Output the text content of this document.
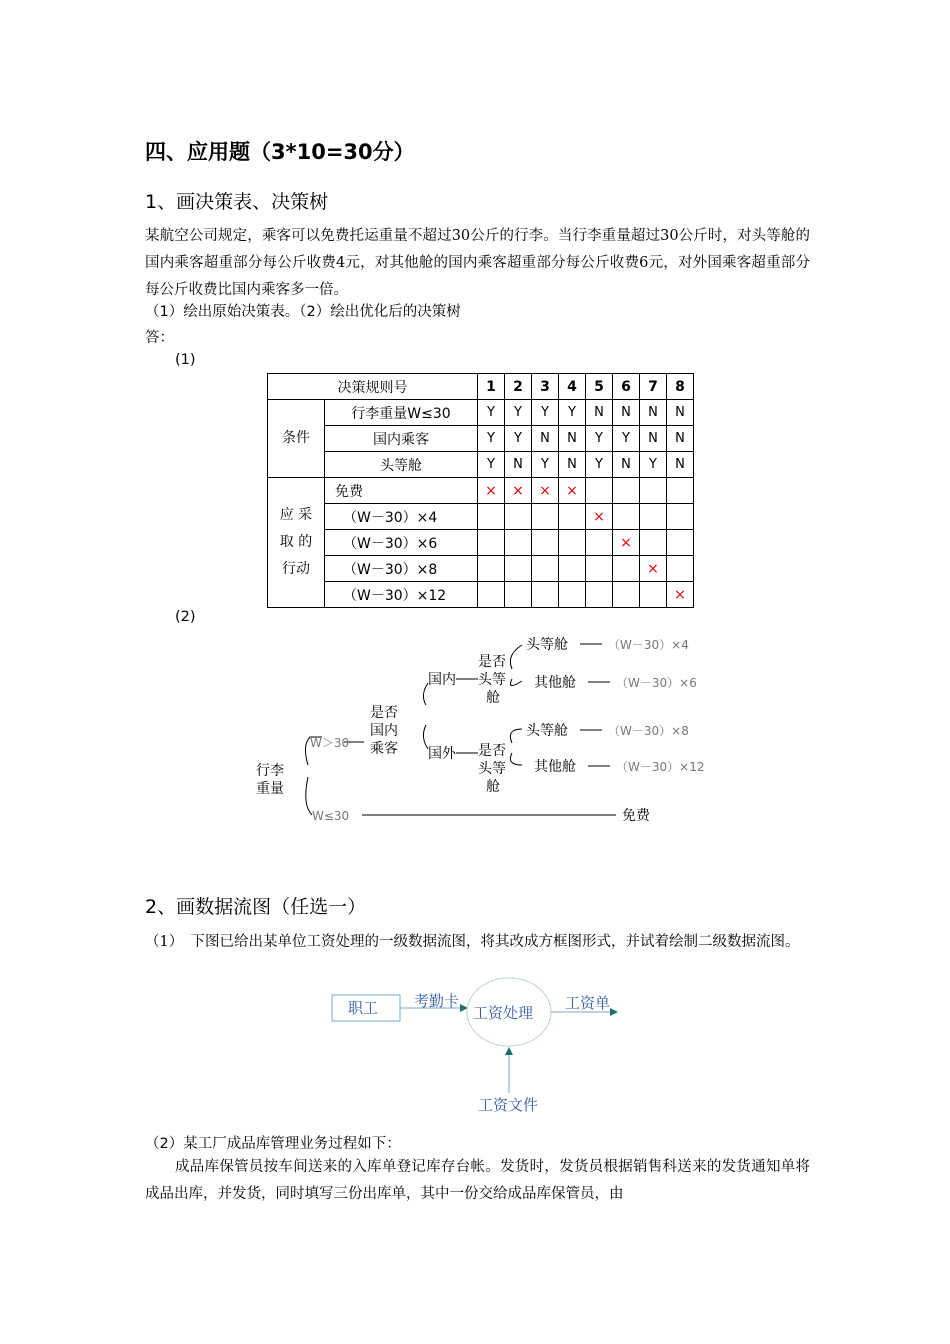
四、应用题（3*10=30分）
1、画决策表、决策树
某航空公司规定，乘客可以免费托运重量不超过30公斤的行李。当行李重量超过30公斤时，对头等舱的国内乘客超重部分每公斤收费4元，对其他舱的国内乘客超重部分每公斤收费6元，对外国乘客超重部分每公斤收费比国内乘客多一倍。
（1）绘出原始决策表。（2）绘出优化后的决策树
答：
(1)
决策规则号		1	2	3	4	5	6	7	8
条件	行李重量W≤30	Y	Y	Y	Y	N	N	N	N
	国内乘客	Y	Y	N	N	Y	Y	N	N
	头等舱	Y	N	Y	N	Y	N	Y	N

应 采
取 的
行动	免费	×	×	×	×				
	（W－30）×4					×			
	（W－30）×6						×		
	（W－30）×8							×	
	（W－30）×12								×
(2)
行李
重量
W＞30
W≤30	免费
是否
国内
乘客
国内
国外
是否
头等
舱
是否
头等
舱
头等舱
其他舱
头等舱
其他舱
（W－30）×4
（W－30）×6
（W－30）×8
（W－30）×12
2、画数据流图（任选一）
（1）　下图已给出某单位工资处理的一级数据流图，将其改成方框图形式，并试着绘制二级数据流图。
职工 考勤卡
工资处理
工资单
工资文件
（2）某工厂成品库管理业务过程如下：
成品库保管员按车间送来的入库单登记库存台帐。发货时，发货员根据销售科送来的发货通知单将成品出库，并发货，同时填写三份出库单，其中一份交给成品库保管员，由
